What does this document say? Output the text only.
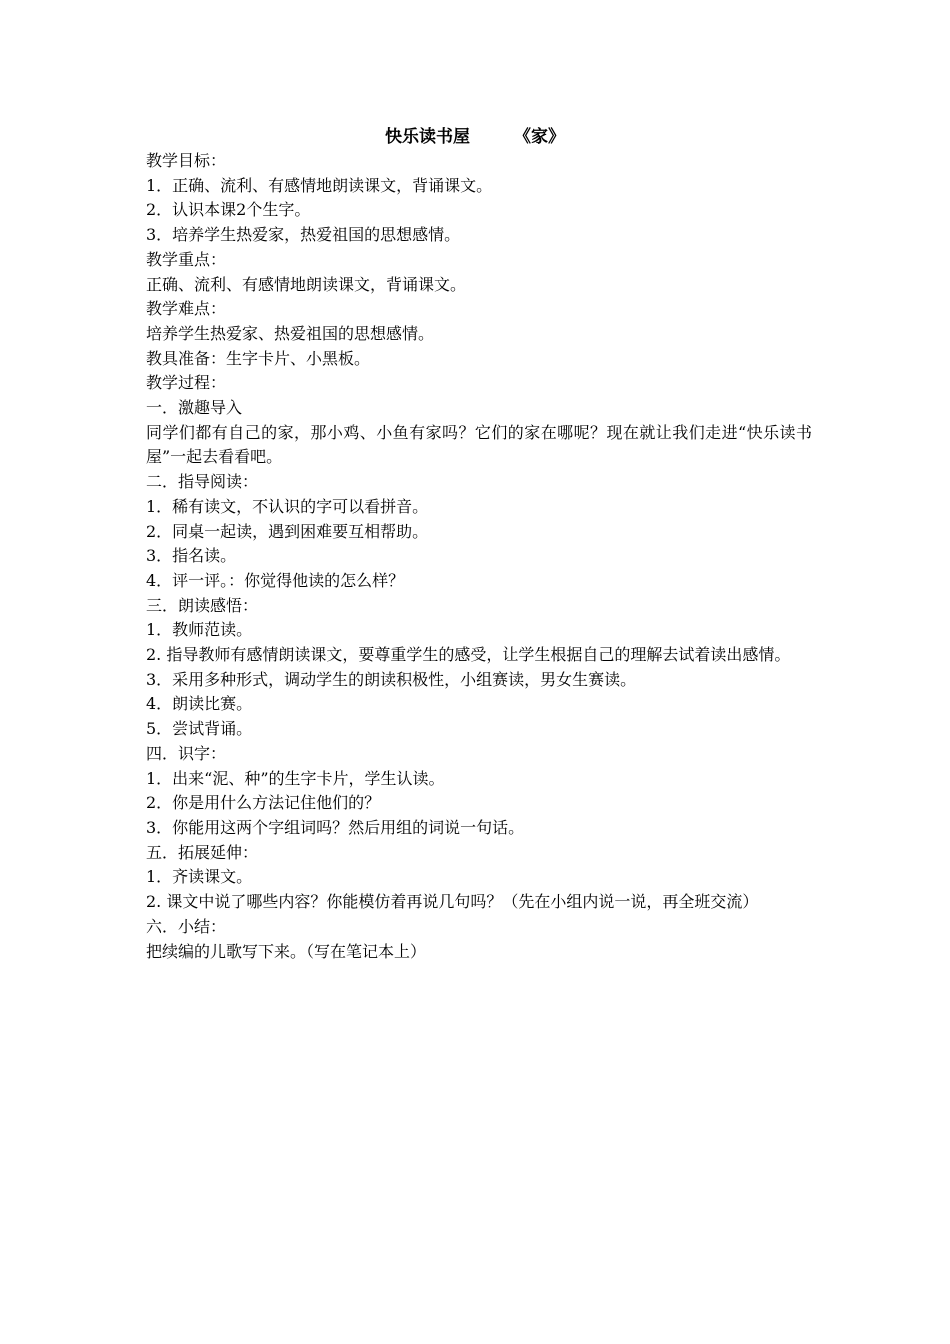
快乐读书屋	《家》
教学目标：
1．正确、流利、有感情地朗读课文，背诵课文。
2．认识本课2个生字。
3．培养学生热爱家，热爱祖国的思想感情。
教学重点：
正确、流利、有感情地朗读课文，背诵课文。
教学难点：
培养学生热爱家、热爱祖国的思想感情。
教具准备：生字卡片、小黑板。
教学过程：
一．激趣导入
同学们都有自己的家，那小鸡、小鱼有家吗？它们的家在哪呢？现在就让我们走进“快乐读书屋”一起去看看吧。
二．指导阅读：
1．稀有读文，不认识的字可以看拼音。
2．同桌一起读，遇到困难要互相帮助。
3．指名读。
4．评一评。：你觉得他读的怎么样？
三．朗读感悟：
1．教师范读。
2. 指导教师有感情朗读课文，要尊重学生的感受，让学生根据自己的理解去试着读出感情。
3．采用多种形式，调动学生的朗读积极性，小组赛读，男女生赛读。
4．朗读比赛。
5．尝试背诵。
四．识字：
1．出来“泥、种”的生字卡片，学生认读。
2．你是用什么方法记住他们的？
3．你能用这两个字组词吗？然后用组的词说一句话。
五．拓展延伸：
1．齐读课文。
2. 课文中说了哪些内容？你能模仿着再说几句吗？（先在小组内说一说，再全班交流）
六．小结：
把续编的儿歌写下来。（写在笔记本上）
